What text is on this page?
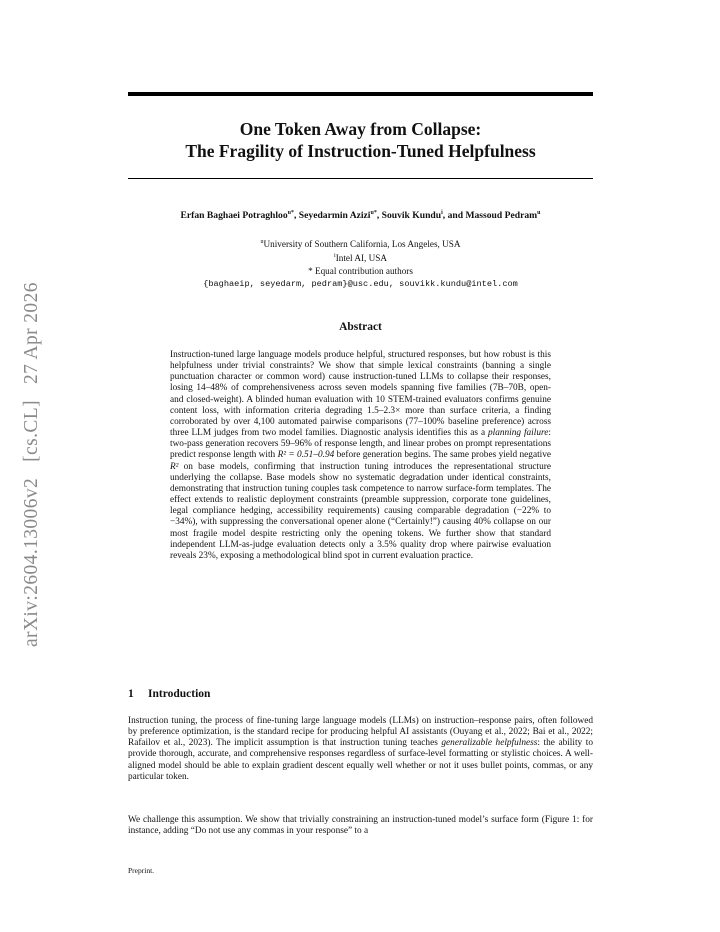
arXiv:2604.13006v2[cs.CL]27 Apr 2026
One Token Away from Collapse:
The Fragility of Instruction-Tuned Helpfulness
Erfan Baghaei Potraghloo$^{u*}$, Seyedarmin Azizi$^{u*}$, Souvik Kundu$^i$, and Massoud Pedram$^u$
$^u$University of Southern California, Los Angeles, USA
$^i$Intel AI, USA
* Equal contribution authors
{baghaeip, seyedarm, pedram}@usc.edu, souvikk.kundu@intel.com
Abstract

Instruction-tuned large language models produce helpful, structured responses, but how robust is this helpfulness under trivial constraints? We show that simple lexical constraints (banning a single punctuation character or common word) cause instruction-tuned LLMs to collapse their responses, losing 14–48% of comprehensiveness across seven models spanning five families (7B–70B, open- and closed-weight). A blinded human evaluation with 10 STEM-trained evaluators confirms genuine content loss, with information criteria degrading 1.5–2.3× more than surface criteria, a finding corroborated by over 4,100 automated pairwise comparisons (77–100% baseline preference) across three LLM judges from two model families. Diagnostic analysis identifies this as a planning failure: two-pass generation recovers 59–96% of response length, and linear probes on prompt representations predict response length with R² = 0.51–0.94 before generation begins. The same probes yield negative R² on base models, confirming that instruction tuning introduces the representational structure underlying the collapse. Base models show no systematic degradation under identical constraints, demonstrating that instruction tuning couples task competence to narrow surface-form templates. The effect extends to realistic deployment constraints (preamble suppression, corporate tone guidelines, legal compliance hedging, accessibility requirements) causing comparable degradation (−22% to −34%), with suppressing the conversational opener alone (“Certainly!”) causing 40% collapse on our most fragile model despite restricting only the opening tokens. We further show that standard independent LLM-as-judge evaluation detects only a 3.5% quality drop where pairwise evaluation reveals 23%, exposing a methodological blind spot in current evaluation practice.

1 Introduction

Instruction tuning, the process of fine-tuning large language models (LLMs) on instruction–response pairs, often followed by preference optimization, is the standard recipe for producing helpful AI assistants (Ouyang et al., 2022; Bai et al., 2022; Rafailov et al., 2023). The implicit assumption is that instruction tuning teaches generalizable helpfulness: the ability to provide thorough, accurate, and comprehensive responses regardless of surface-level formatting or stylistic choices. A well-aligned model should be able to explain gradient descent equally well whether or not it uses bullet points, commas, or any particular token.

We challenge this assumption. We show that trivially constraining an instruction-tuned model’s surface form (Figure 1: for instance, adding “Do not use any commas in your response” to a

Preprint.
